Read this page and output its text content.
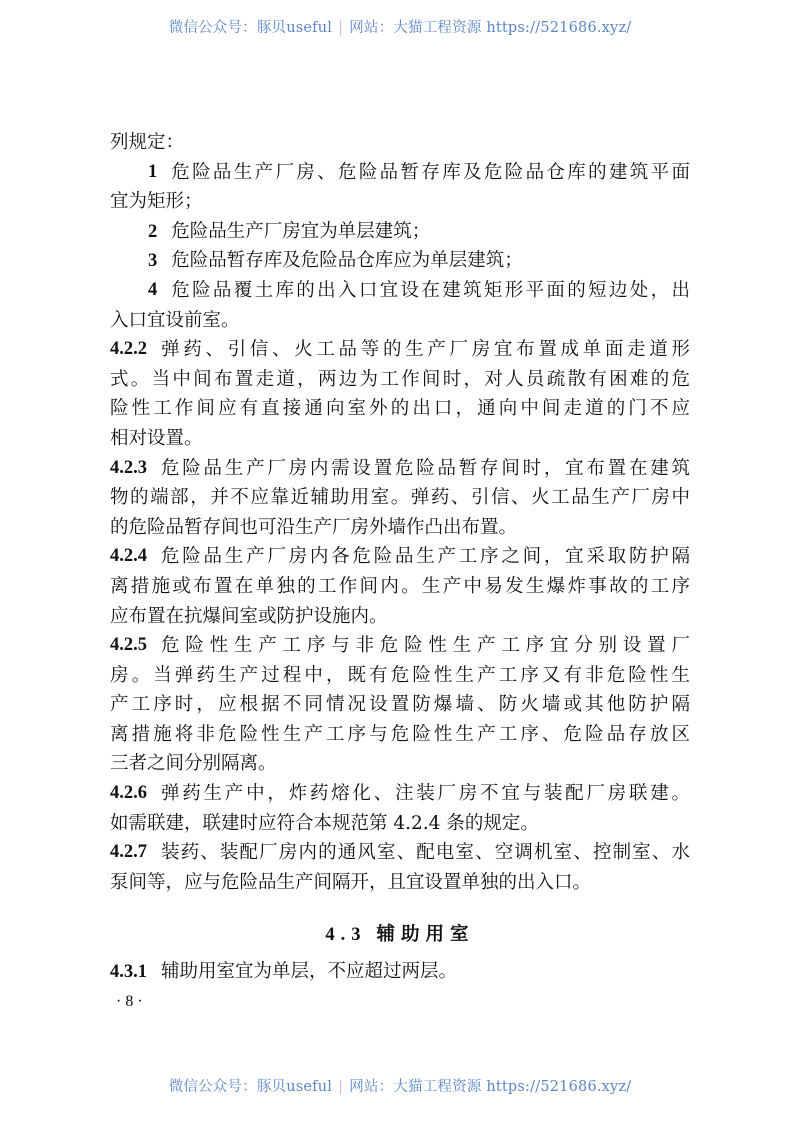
微信公众号：豚贝useful | 网站：大猫工程资源 https://521686.xyz/
列规定：
1 危险品生产厂房、危险品暂存库及危险品仓库的建筑平面
宜为矩形；
2 危险品生产厂房宜为单层建筑；
3 危险品暂存库及危险品仓库应为单层建筑；
4 危险品覆土库的出入口宜设在建筑矩形平面的短边处，出
入口宜设前室。
4.2.2 弹药、引信、火工品等的生产厂房宜布置成单面走道形
式。当中间布置走道，两边为工作间时，对人员疏散有困难的危
险性工作间应有直接通向室外的出口，通向中间走道的门不应
相对设置。
4.2.3 危险品生产厂房内需设置危险品暂存间时，宜布置在建筑
物的端部，并不应靠近辅助用室。弹药、引信、火工品生产厂房中
的危险品暂存间也可沿生产厂房外墙作凸出布置。
4.2.4 危险品生产厂房内各危险品生产工序之间，宜采取防护隔
离措施或布置在单独的工作间内。生产中易发生爆炸事故的工序
应布置在抗爆间室或防护设施内。
4.2.5 危险性生产工序与非危险性生产工序宜分别设置厂
房。当弹药生产过程中，既有危险性生产工序又有非危险性生
产工序时，应根据不同情况设置防爆墙、防火墙或其他防护隔
离措施将非危险性生产工序与危险性生产工序、危险品存放区
三者之间分别隔离。
4.2.6 弹药生产中，炸药熔化、注装厂房不宜与装配厂房联建。
如需联建，联建时应符合本规范第 4.2.4 条的规定。
4.2.7 装药、装配厂房内的通风室、配电室、空调机室、控制室、水
泵间等，应与危险品生产间隔开，且宜设置单独的出入口。
4.3 辅助用室
4.3.1 辅助用室宜为单层，不应超过两层。
· 8 ·
微信公众号：豚贝useful | 网站：大猫工程资源 https://521686.xyz/
